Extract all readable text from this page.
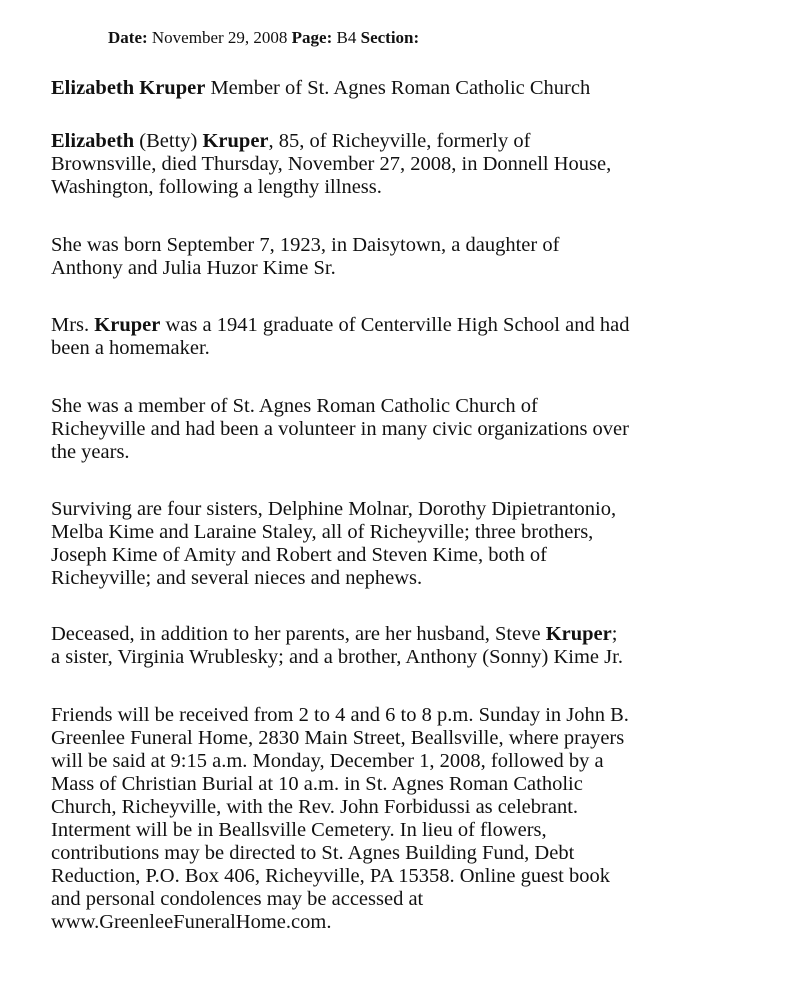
Date: November 29, 2008 Page: B4 Section:
Elizabeth Kruper Member of St. Agnes Roman Catholic Church
Elizabeth (Betty) Kruper, 85, of Richeyville, formerly of
Brownsville, died Thursday, November 27, 2008, in Donnell House,
Washington, following a lengthy illness.
She was born September 7, 1923, in Daisytown, a daughter of
Anthony and Julia Huzor Kime Sr.
Mrs. Kruper was a 1941 graduate of Centerville High School and had
been a homemaker.
She was a member of St. Agnes Roman Catholic Church of
Richeyville and had been a volunteer in many civic organizations over
the years.
Surviving are four sisters, Delphine Molnar, Dorothy Dipietrantonio,
Melba Kime and Laraine Staley, all of Richeyville; three brothers,
Joseph Kime of Amity and Robert and Steven Kime, both of
Richeyville; and several nieces and nephews.
Deceased, in addition to her parents, are her husband, Steve Kruper;
a sister, Virginia Wrublesky; and a brother, Anthony (Sonny) Kime Jr.
Friends will be received from 2 to 4 and 6 to 8 p.m. Sunday in John B.
Greenlee Funeral Home, 2830 Main Street, Beallsville, where prayers
will be said at 9:15 a.m. Monday, December 1, 2008, followed by a
Mass of Christian Burial at 10 a.m. in St. Agnes Roman Catholic
Church, Richeyville, with the Rev. John Forbidussi as celebrant.
Interment will be in Beallsville Cemetery. In lieu of flowers,
contributions may be directed to St. Agnes Building Fund, Debt
Reduction, P.O. Box 406, Richeyville, PA 15358. Online guest book
and personal condolences may be accessed at
www.GreenleeFuneralHome.com.
